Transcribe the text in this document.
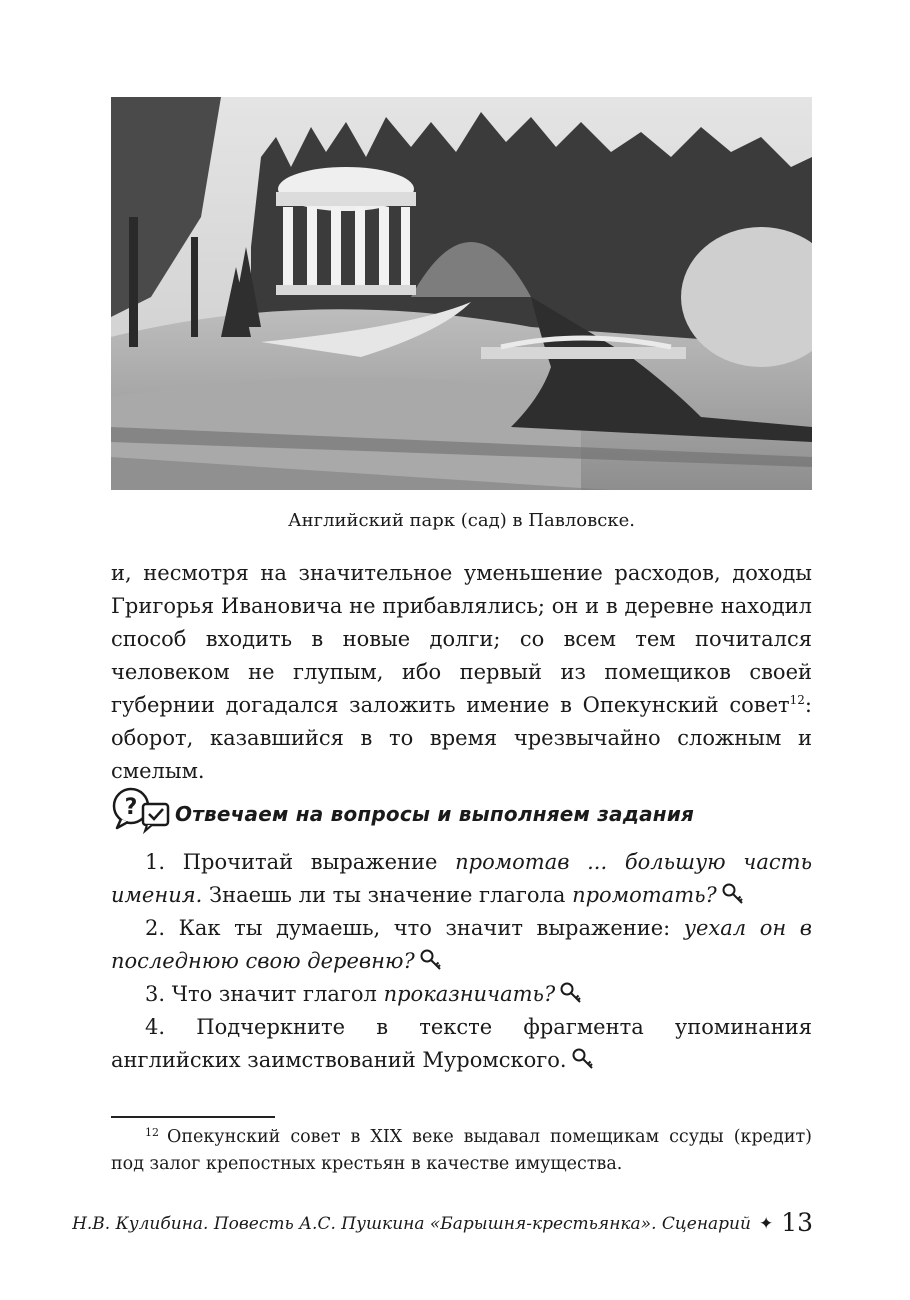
Английский парк (сад) в Павловске.

и, несмотря на значительное уменьшение расходов, доходы Григорья Ивановича не прибавлялись; он и в деревне находил способ входить в новые долги; со всем тем почитался человеком не глупым, ибо первый из помещиков своей губернии догадался заложить имение в Опекунский совет$^{12}$: оборот, казавшийся в то время чрезвычайно сложным и смелым.

? Отвечаем на вопросы и выполняем задания
1. Прочитай выражение промотав ... большую часть имения. Знаешь ли ты значение глагола промотать?
2. Как ты думаешь, что значит выражение: уехал он в последнюю свою деревню?
3. Что значит глагол проказничать?
4. Подчеркните в тексте фрагмента упоминания английских заимствований Муромского.
$^{12}$ Опекунский совет в XIX веке выдавал помещикам ссуды (кредит) под залог крепостных крестьян в качестве имущества.
Н.В. Кулибина. Повесть А.С. Пушкина «Барышня-крестьянка». Сценарий ✦ 13
